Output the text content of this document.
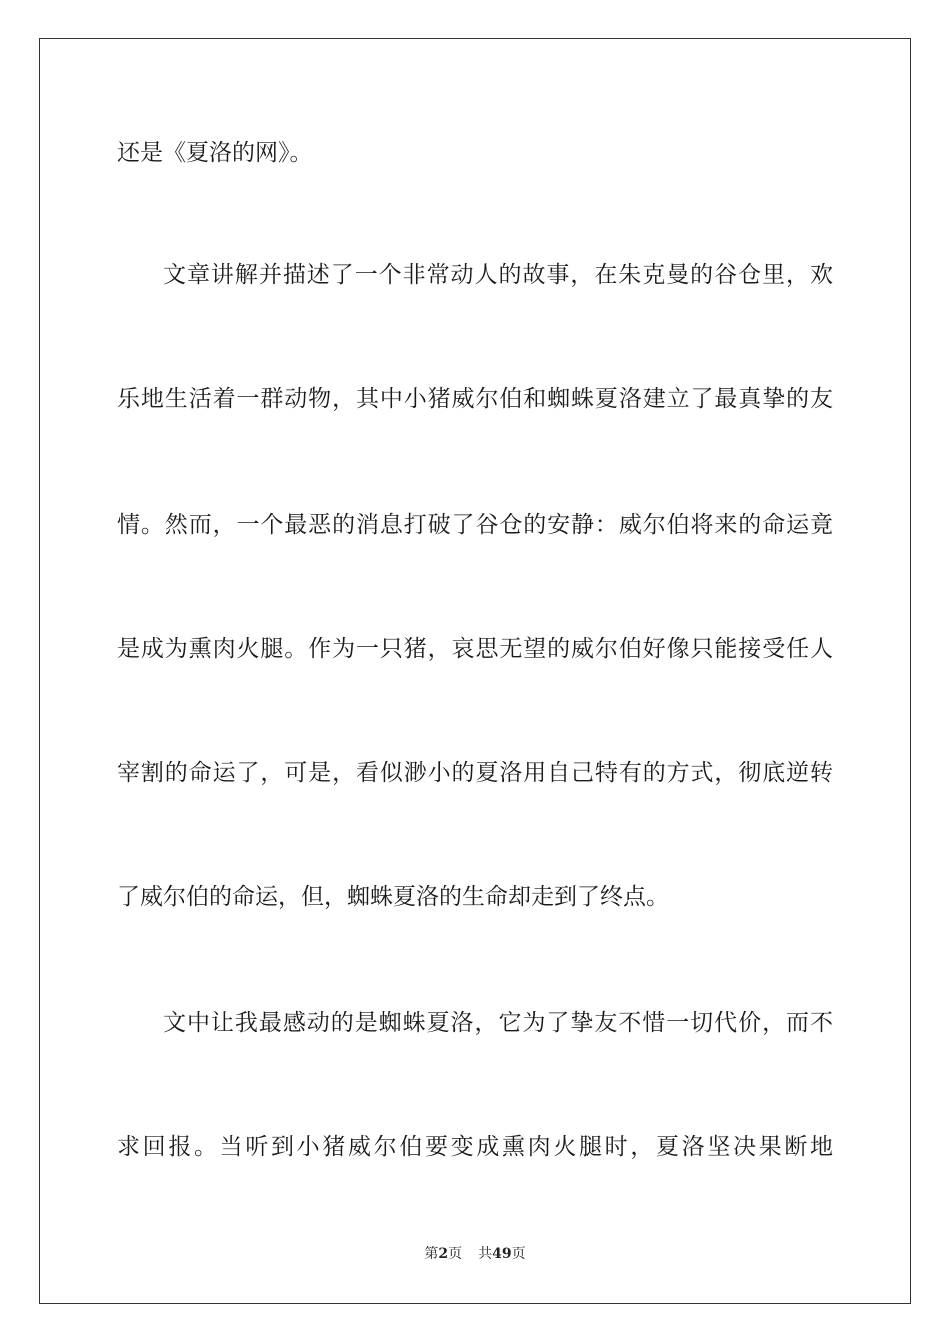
还是《夏洛的网》。
文章讲解并描述了一个非常动人的故事，在朱克曼的谷仓里，欢
乐地生活着一群动物，其中小猪威尔伯和蜘蛛夏洛建立了最真挚的友
情。然而，一个最恶的消息打破了谷仓的安静：威尔伯将来的命运竟
是成为熏肉火腿。作为一只猪，哀思无望的威尔伯好像只能接受任人
宰割的命运了，可是，看似渺小的夏洛用自己特有的方式，彻底逆转
了威尔伯的命运，但，蜘蛛夏洛的生命却走到了终点。
文中让我最感动的是蜘蛛夏洛，它为了挚友不惜一切代价，而不
求回报。当听到小猪威尔伯要变成熏肉火腿时，夏洛坚决果断地
第2页 共49页
